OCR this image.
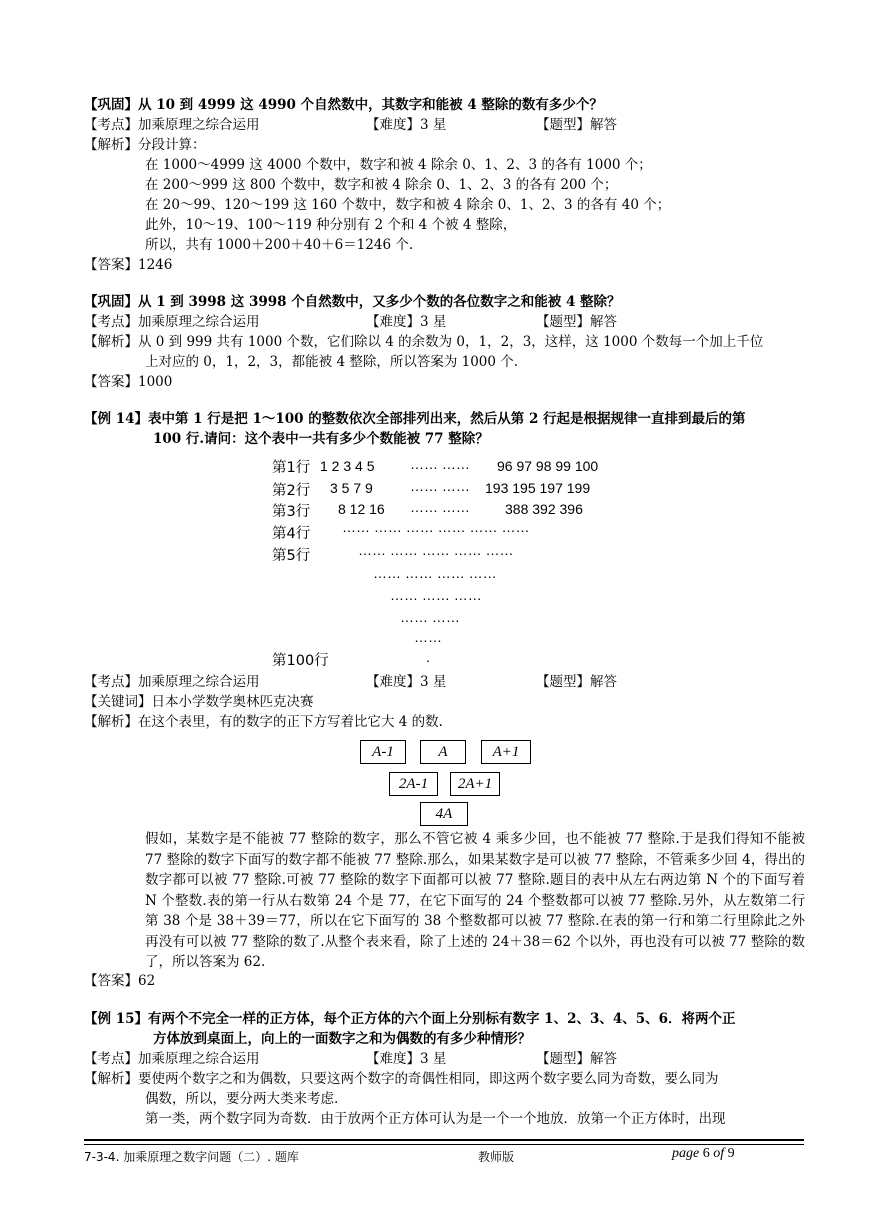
【巩固】从 10 到 4999 这 4990 个自然数中，其数字和能被 4 整除的数有多少个？
【考点】加乘原理之综合运用	【难度】3 星	【题型】解答
【解析】分段计算：
在 1000～4999 这 4000 个数中，数字和被 4 除余 0、1、2、3 的各有 1000 个；
在 200～999 这 800 个数中，数字和被 4 除余 0、1、2、3 的各有 200 个；
在 20～99、120～199 这 160 个数中，数字和被 4 除余 0、1、2、3 的各有 40 个；
此外，10～19、100～119 种分别有 2 个和 4 个被 4 整除，
所以，共有 1000＋200＋40＋6＝1246 个.
【答案】1246
【巩固】从 1 到 3998 这 3998 个自然数中，又多少个数的各位数字之和能被 4 整除？
【考点】加乘原理之综合运用	【难度】3 星	【题型】解答
【解析】从 0 到 999 共有 1000 个数，它们除以 4 的余数为 0，1，2，3，这样，这 1000 个数每一个加上千位
上对应的 0，1，2，3，都能被 4 整除，所以答案为 1000 个.
【答案】1000
【例 14】表中第 1 行是把 1～100 的整数依次全部排列出来，然后从第 2 行起是根据规律一直排到最后的第
100 行.请问：这个表中一共有多少个数能被 77 整除？
第1行 1 2 3 4 5	…… …… 96 97 98 99 100
第2行 3 5 7 9	…… …… 193 195 197 199
第3行 8 12 16 …… ……	388 392 396
第4行 …… …… …… …… …… ……
第5行	…… …… …… …… ……
…… …… …… ……
…… …… ……
…… ……
……
第100行	.
【考点】加乘原理之综合运用	【难度】3 星	【题型】解答
【关键词】日本小学数学奥林匹克决赛
【解析】在这个表里，有的数字的正下方写着比它大 4 的数.
A-1	A	A+1
2A-1	2A+1
4A
假如，某数字是不能被 77 整除的数字，那么不管它被 4 乘多少回，也不能被 77 整除.于是我们得知不能被 77 整除的数字下面写的数字都不能被 77 整除.那么，如果某数字是可以被 77 整除，不管乘多少回 4，得出的数字都可以被 77 整除.可被 77 整除的数字下面都可以被 77 整除.题目的表中从左右两边第 N 个的下面写着 N 个整数.表的第一行从右数第 24 个是 77，在它下面写的 24 个整数都可以被 77 整除.另外，从左数第二行第 38 个是 38＋39＝77，所以在它下面写的 38 个整数都可以被 77 整除.在表的第一行和第二行里除此之外再没有可以被 77 整除的数了.从整个表来看，除了上述的 24＋38＝62 个以外，再也没有可以被 77 整除的数了，所以答案为 62.
【答案】62
【例 15】有两个不完全一样的正方体，每个正方体的六个面上分别标有数字 1、2、3、4、5、6．将两个正
方体放到桌面上，向上的一面数字之和为偶数的有多少种情形？
【考点】加乘原理之综合运用	【难度】3 星	【题型】解答
【解析】要使两个数字之和为偶数，只要这两个数字的奇偶性相同，即这两个数字要么同为奇数，要么同为
偶数，所以，要分两大类来考虑.
第一类，两个数字同为奇数．由于放两个正方体可认为是一个一个地放．放第一个正方体时，出现
7-3-4. 加乘原理之数字问题（二）. 题库	教师版	page 6 of 9
